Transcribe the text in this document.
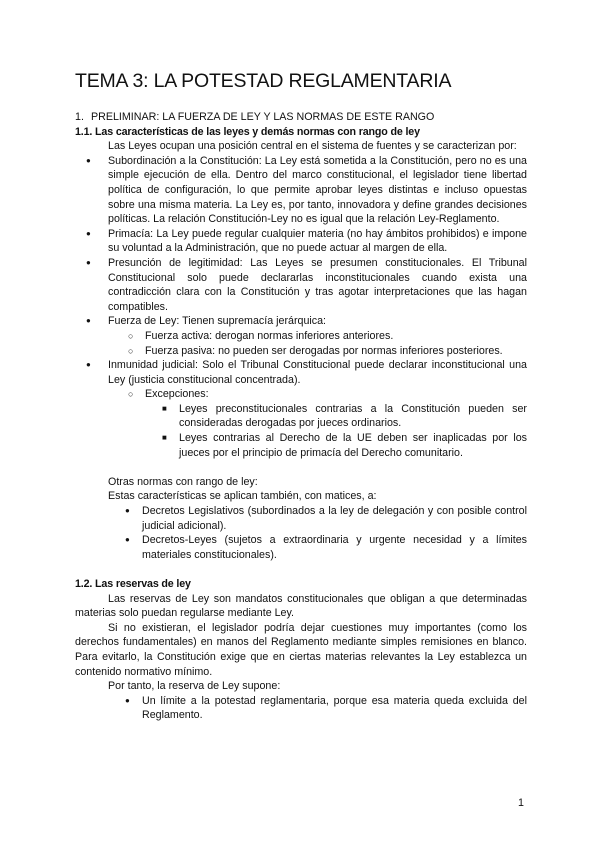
TEMA 3: LA POTESTAD REGLAMENTARIA

1. PRELIMINAR: LA FUERZA DE LEY Y LAS NORMAS DE ESTE RANGO

1.1. Las características de las leyes y demás normas con rango de ley

Las Leyes ocupan una posición central en el sistema de fuentes y se caracterizan por:

● Subordinación a la Constitución: La Ley está sometida a la Constitución, pero no es una simple ejecución de ella. Dentro del marco constitucional, el legislador tiene libertad política de configuración, lo que permite aprobar leyes distintas e incluso opuestas sobre una misma materia. La Ley es, por tanto, innovadora y define grandes decisiones políticas. La relación Constitución-Ley no es igual que la relación Ley-Reglamento.
● Primacía: La Ley puede regular cualquier materia (no hay ámbitos prohibidos) e impone su voluntad a la Administración, que no puede actuar al margen de ella.
● Presunción de legitimidad: Las Leyes se presumen constitucionales. El Tribunal Constitucional solo puede declararlas inconstitucionales cuando exista una contradicción clara con la Constitución y tras agotar interpretaciones que las hagan compatibles.
● Fuerza de Ley: Tienen supremacía jerárquica:
○ Fuerza activa: derogan normas inferiores anteriores.
○ Fuerza pasiva: no pueden ser derogadas por normas inferiores posteriores.
● Inmunidad judicial: Solo el Tribunal Constitucional puede declarar inconstitucional una Ley (justicia constitucional concentrada).
○ Excepciones:
■ Leyes preconstitucionales contrarias a la Constitución pueden ser consideradas derogadas por jueces ordinarios.
■ Leyes contrarias al Derecho de la UE deben ser inaplicadas por los jueces por el principio de primacía del Derecho comunitario.

Otras normas con rango de ley:

Estas características se aplican también, con matices, a:

● Decretos Legislativos (subordinados a la ley de delegación y con posible control judicial adicional).
● Decretos-Leyes (sujetos a extraordinaria y urgente necesidad y a límites materiales constitucionales).

1.2. Las reservas de ley

Las reservas de Ley son mandatos constitucionales que obligan a que determinadas materias solo puedan regularse mediante Ley.

Si no existieran, el legislador podría dejar cuestiones muy importantes (como los derechos fundamentales) en manos del Reglamento mediante simples remisiones en blanco. Para evitarlo, la Constitución exige que en ciertas materias relevantes la Ley establezca un contenido normativo mínimo.

Por tanto, la reserva de Ley supone:

● Un límite a la potestad reglamentaria, porque esa materia queda excluida del Reglamento.
1
